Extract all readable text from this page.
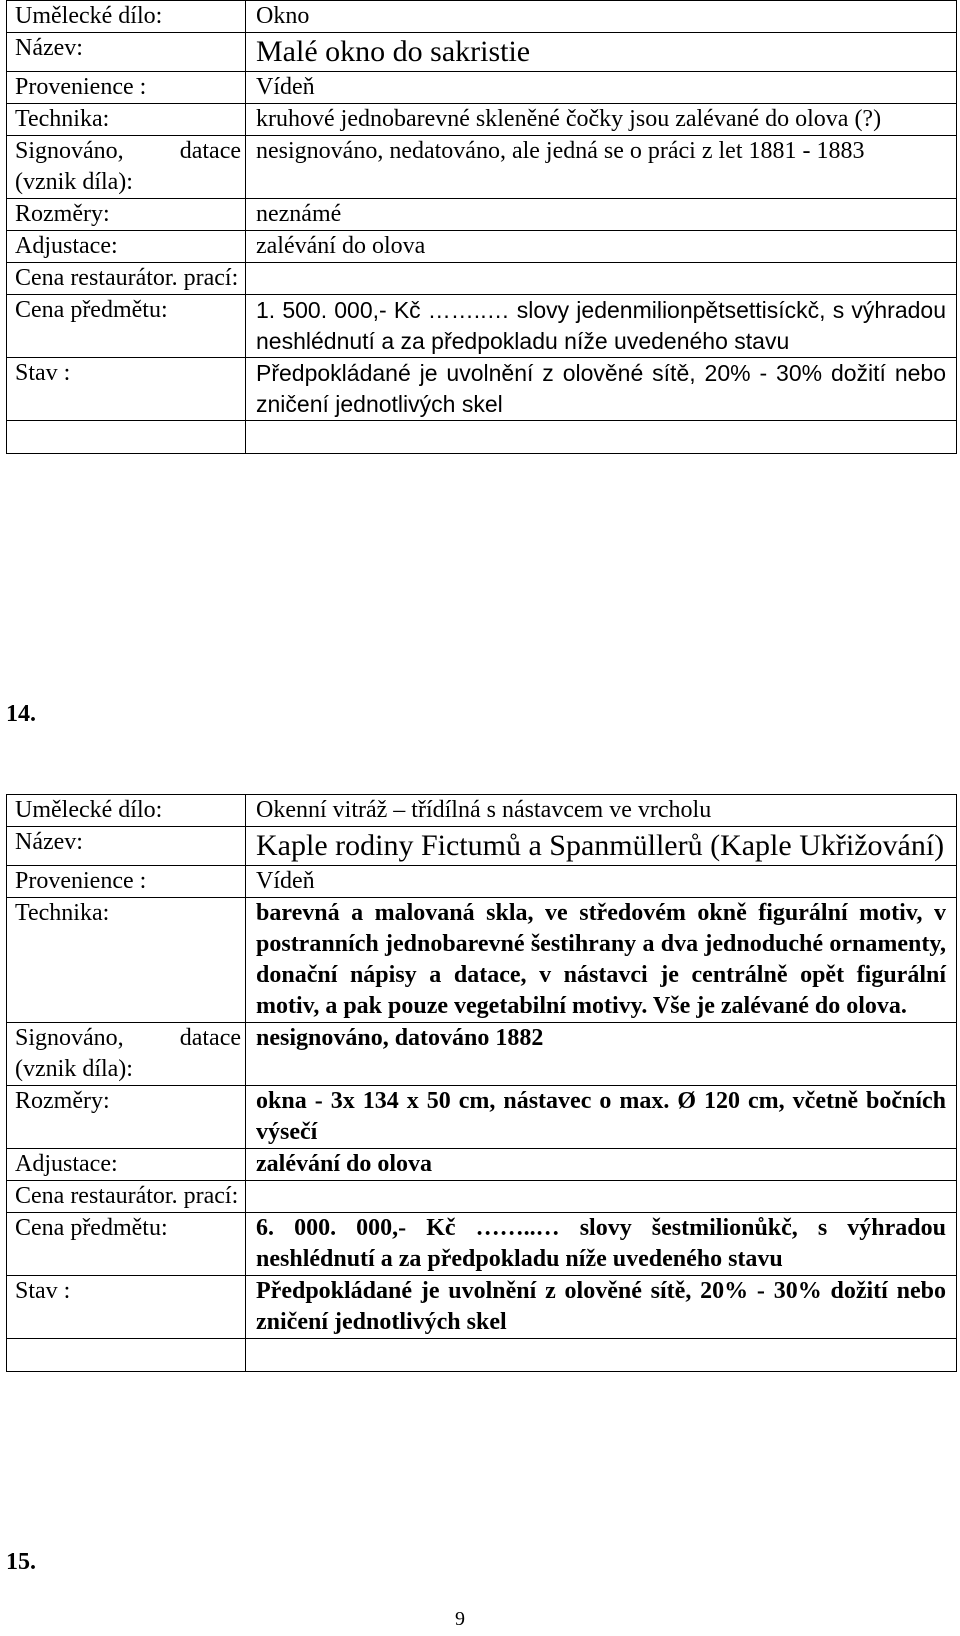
Umělecké dílo:	Okno
Název:	Malé okno do sakristie
Provenience :	Vídeň
Technika:	kruhové jednobarevné skleněné čočky jsou zalévané do olova (?)
Signováno, datace (vznik díla):	nesignováno, nedatováno, ale jedná se o práci z let 1881 - 1883
Rozměry:	neznámé
Adjustace:	zalévání do olova
Cena restaurátor. prací:	
Cena předmětu:	1. 500. 000,- Kč ……..… slovy jedenmilionpětsettisíckč, s výhradou neshlédnutí a za předpokladu níže uvedeného stavu
Stav :	Předpokládané je uvolnění z olověné sítě, 20% - 30% dožití nebo zničení jednotlivých skel

14.
Umělecké dílo:	Okenní vitráž – třídílná s nástavcem ve vrcholu
Název:	Kaple rodiny Fictumů a Spanmüllerů (Kaple Ukřižování)
Provenience :	Vídeň
Technika:	barevná a malovaná skla, ve středovém okně figurální motiv, v postranních jednobarevné šestihrany a dva jednoduché ornamenty, donační nápisy a datace, v nástavci je centrálně opět figurální motiv, a pak pouze vegetabilní motivy. Vše je zalévané do olova.
Signováno, datace (vznik díla):	nesignováno, datováno 1882
Rozměry:	okna - 3x 134 x 50 cm, nástavec o max. Ø 120 cm, včetně bočních výsečí
Adjustace:	zalévání do olova
Cena restaurátor. prací:	
Cena předmětu:	6. 000. 000,- Kč ……..… slovy šestmilionůkč, s výhradou neshlédnutí a za předpokladu níže uvedeného stavu
Stav :	Předpokládané je uvolnění z olověné sítě, 20% - 30% dožití nebo zničení jednotlivých skel

15.
9
